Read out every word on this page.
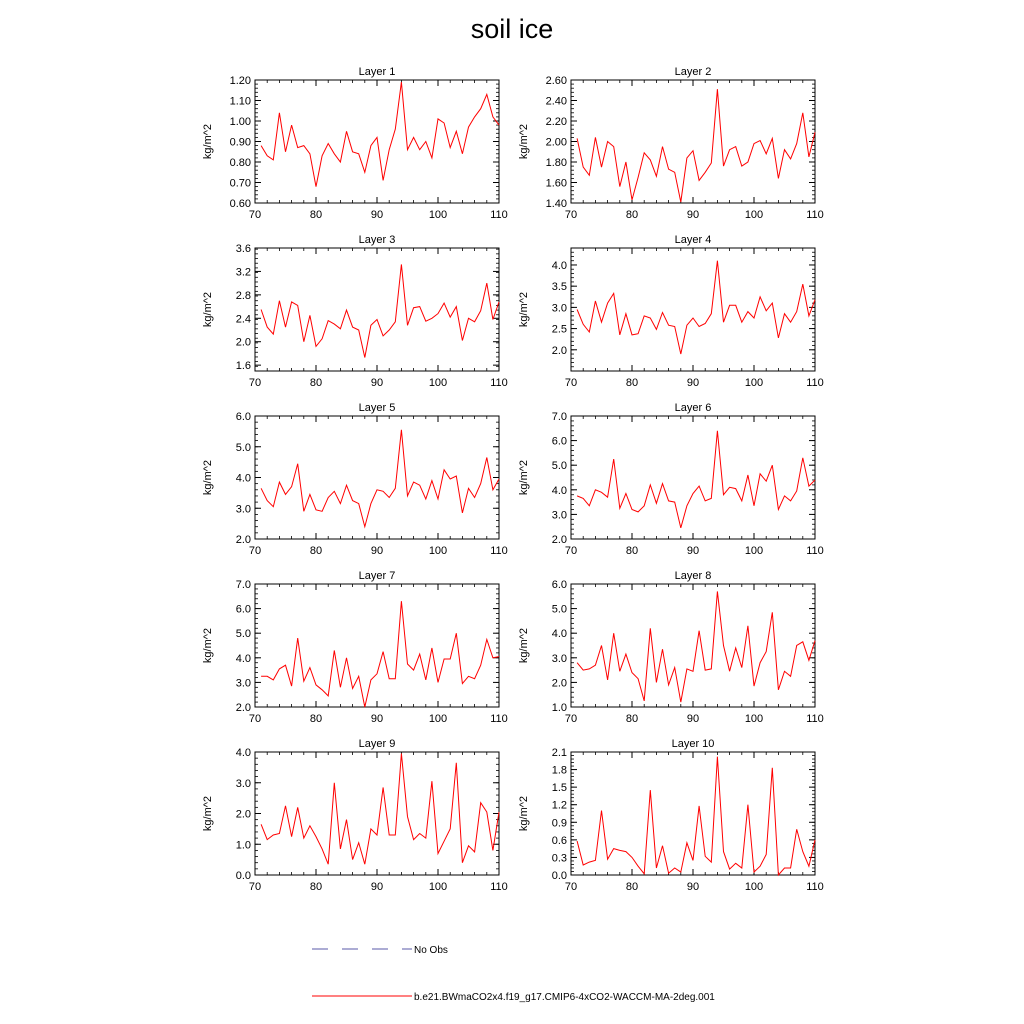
soil ice
Layer 1
kg/m^2
70	80	90	100	110
0.60
0.70
0.80
0.90
1.00
1.10
1.20
Layer 2
kg/m^2
70	80	90	100	110
1.40
1.60
1.80
2.00
2.20
2.40
2.60
Layer 3
kg/m^2
70	80	90	100	110
1.6
2.0
2.4
2.8
3.2
3.6
Layer 4
kg/m^2
70	80	90	100	110
2.0
2.5
3.0
3.5
4.0
Layer 5
kg/m^2
70	80	90	100	110
2.0
3.0
4.0
5.0
6.0
Layer 6
kg/m^2
70	80	90	100	110
2.0
3.0
4.0
5.0
6.0
7.0
Layer 7
kg/m^2
70	80	90	100	110
2.0
3.0
4.0
5.0
6.0
7.0
Layer 8
kg/m^2
70	80	90	100	110
1.0
2.0
3.0
4.0
5.0
6.0
Layer 9
kg/m^2
70	80	90	100	110
0.0
1.0
2.0
3.0
4.0
Layer 10
kg/m^2
70	80	90	100	110
0.0
0.3
0.6
0.9
1.2
1.5
1.8
2.1
No Obs
b.e21.BWmaCO2x4.f19_g17.CMIP6-4xCO2-WACCM-MA-2deg.001
